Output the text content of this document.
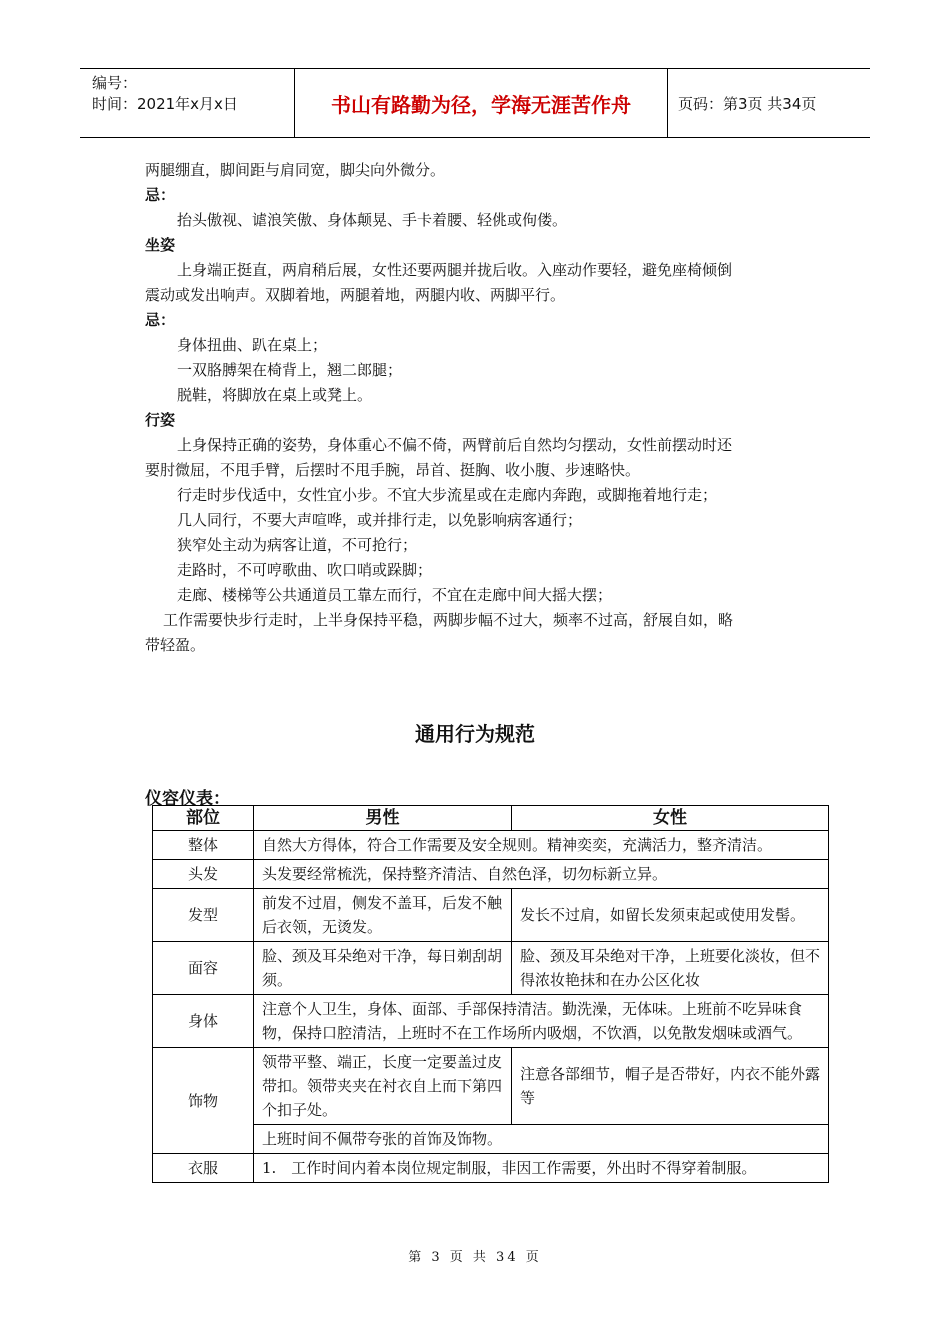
编号：
时间：2021年x月x日	书山有路勤为径，学海无涯苦作舟	页码：第3页 共34页
两腿绷直，脚间距与肩同宽，脚尖向外微分。
忌：
抬头傲视、谑浪笑傲、身体颠晃、手卡着腰、轻佻或佝偻。
坐姿
上身端正挺直，两肩稍后展，女性还要两腿并拢后收。入座动作要轻，避免座椅倾倒
震动或发出响声。双脚着地，两腿着地，两腿内收、两脚平行。
忌：
身体扭曲、趴在桌上；
一双胳膊架在椅背上，翘二郎腿；
脱鞋，将脚放在桌上或凳上。
行姿
上身保持正确的姿势，身体重心不偏不倚，两臂前后自然均匀摆动，女性前摆动时还
要肘微屈，不甩手臂，后摆时不甩手腕，昂首、挺胸、收小腹、步速略快。
行走时步伐适中，女性宜小步。不宜大步流星或在走廊内奔跑，或脚拖着地行走；
几人同行，不要大声喧哗，或并排行走，以免影响病客通行；
狭窄处主动为病客让道，不可抢行；
走路时，不可哼歌曲、吹口哨或跺脚；
走廊、楼梯等公共通道员工靠左而行，不宜在走廊中间大摇大摆；
工作需要快步行走时，上半身保持平稳，两脚步幅不过大，频率不过高，舒展自如，略
带轻盈。
通用行为规范
仪容仪表：
部位	男性	女性
整体	自然大方得体，符合工作需要及安全规则。精神奕奕，充满活力，整齐清洁。	
头发	头发要经常梳洗，保持整齐清洁、自然色泽，切勿标新立异。	
发型	前发不过眉，侧发不盖耳，后发不触后衣领，无烫发。	发长不过肩，如留长发须束起或使用发髻。
面容	脸、颈及耳朵绝对干净，每日剃刮胡须。	脸、颈及耳朵绝对干净，上班要化淡妆，但不得浓妆艳抹和在办公区化妆
身体	注意个人卫生，身体、面部、手部保持清洁。勤洗澡，无体味。上班前不吃异味食物，保持口腔清洁，上班时不在工作场所内吸烟，不饮酒，以免散发烟味或酒气。	
饰物	领带平整、端正，长度一定要盖过皮带扣。领带夹夹在衬衣自上而下第四个扣子处。	注意各部细节，帽子是否带好，内衣不能外露等
	上班时间不佩带夸张的首饰及饰物。	
衣服	1.　工作时间内着本岗位规定制服，非因工作需要，外出时不得穿着制服。	
第 3 页 共 34 页
